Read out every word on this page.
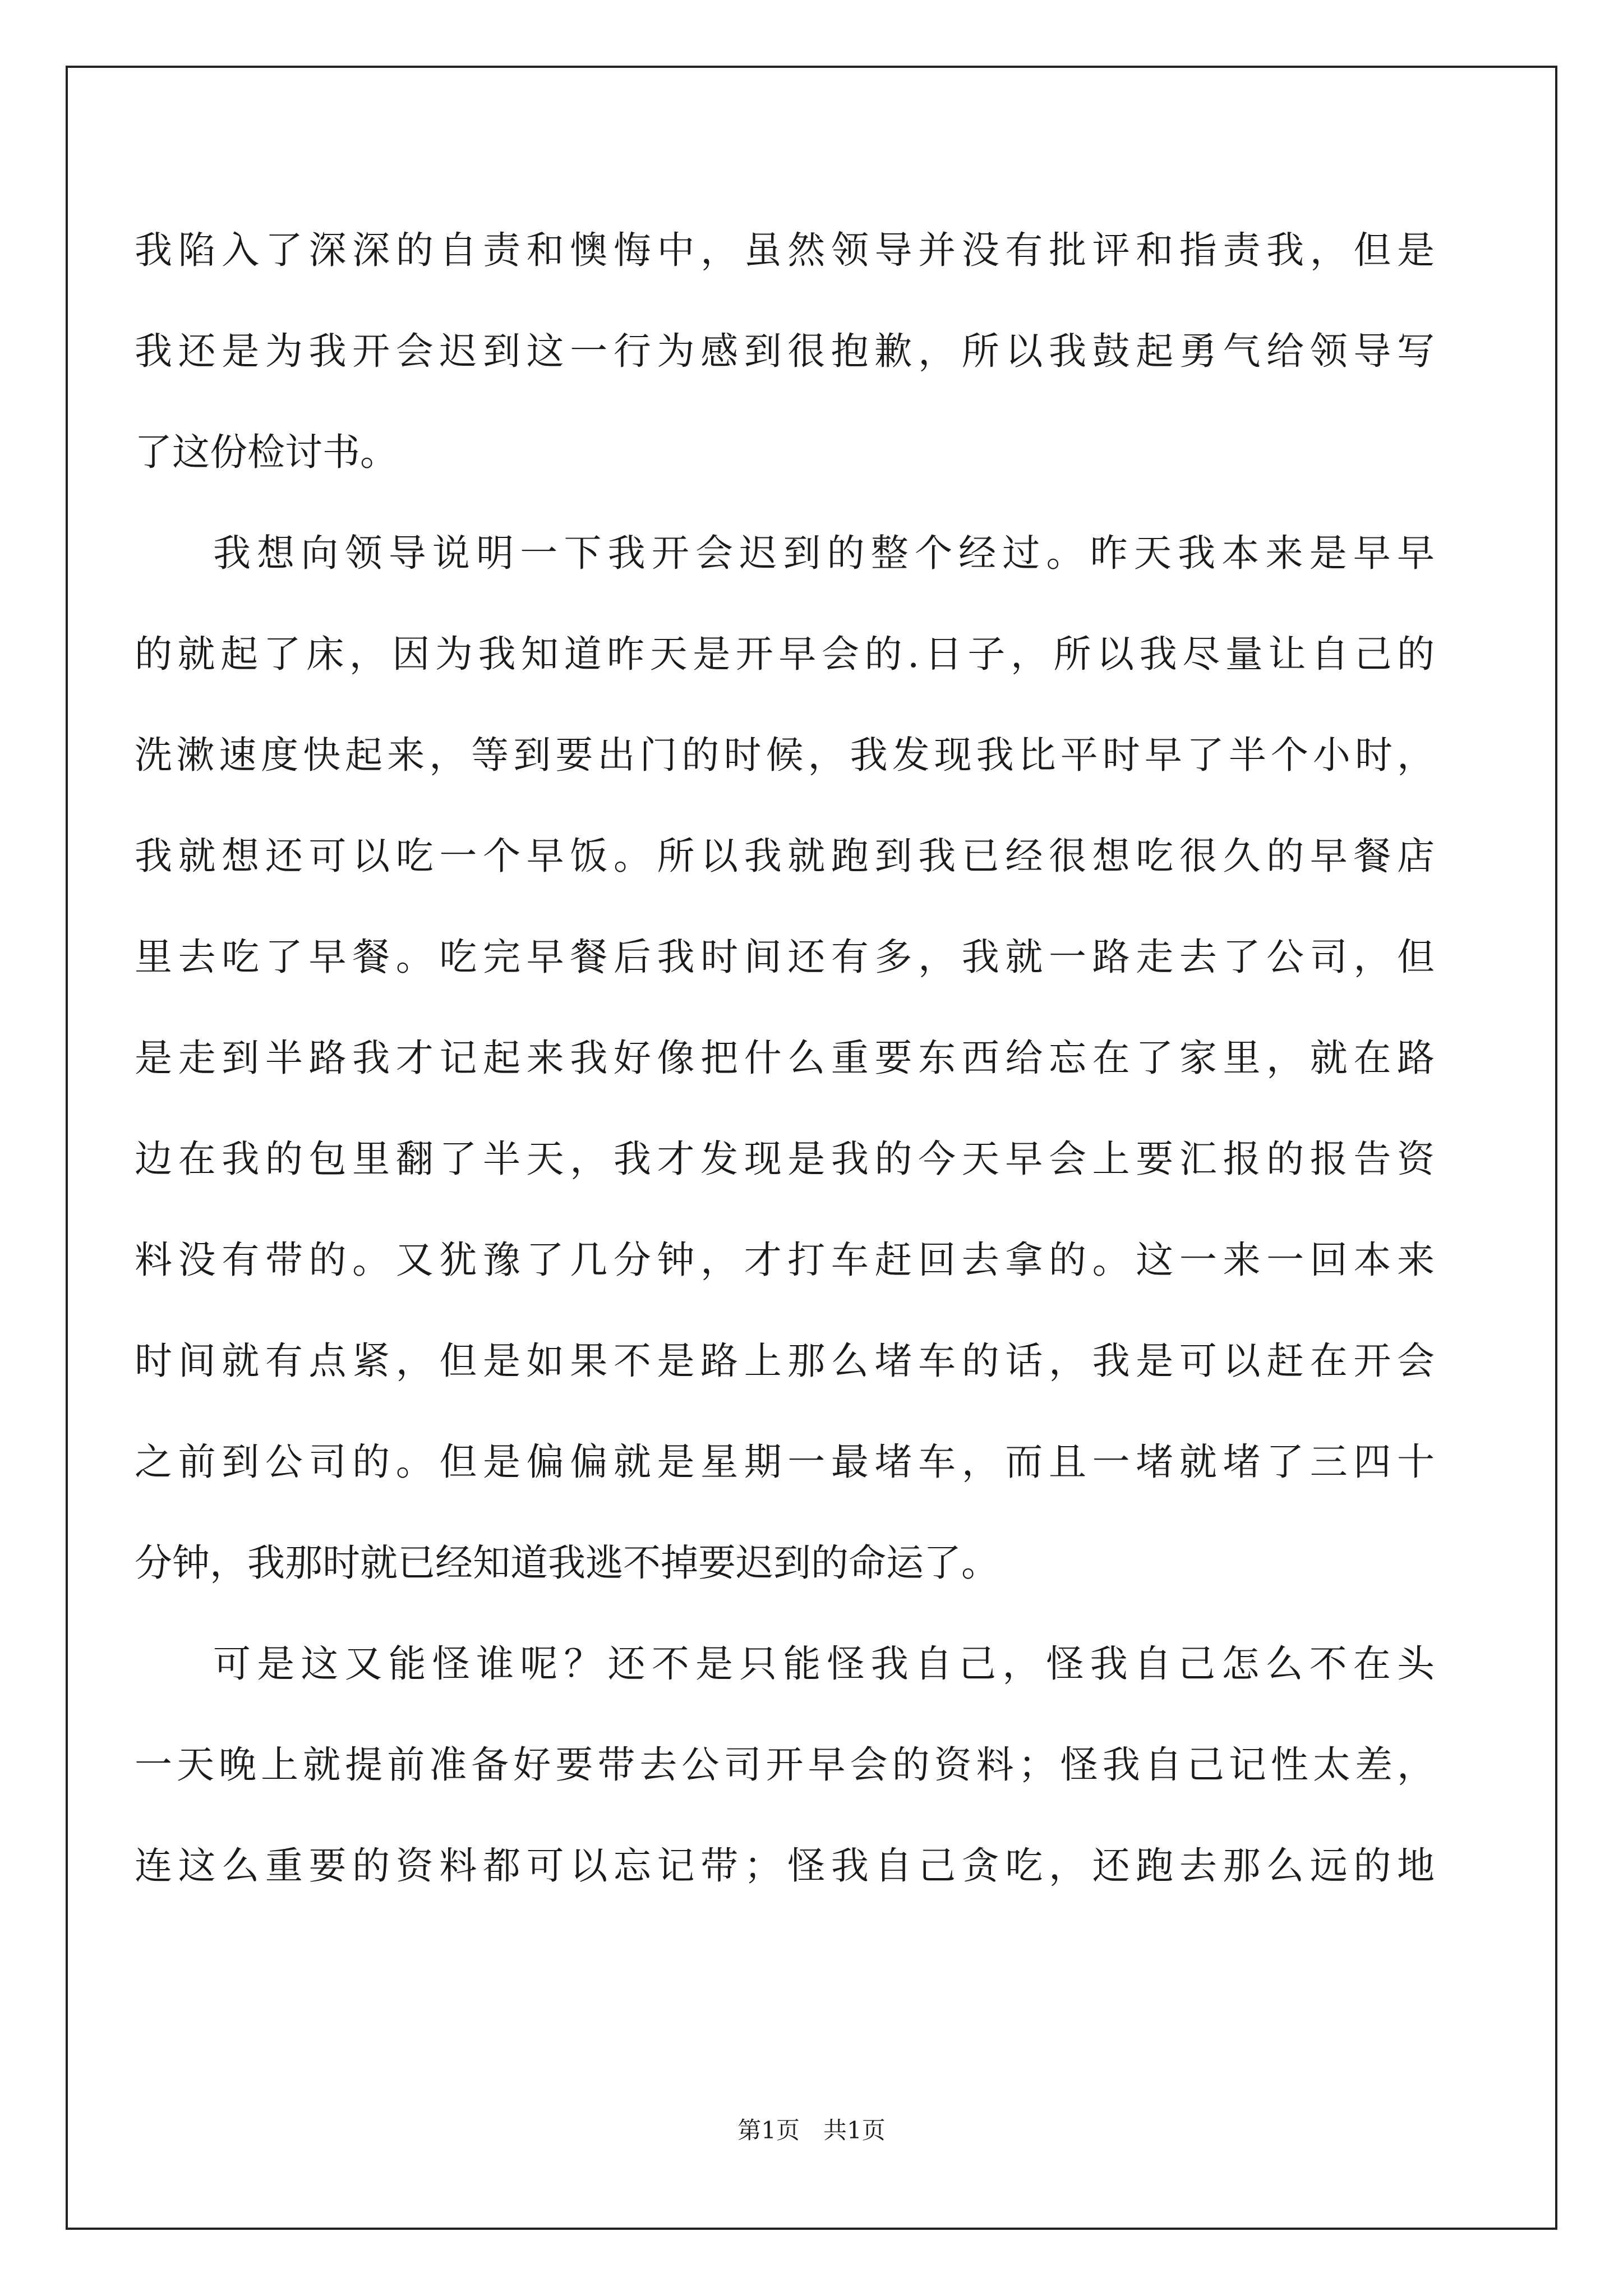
我陷入了深深的自责和懊悔中，虽然领导并没有批评和指责我，但是
我还是为我开会迟到这一行为感到很抱歉，所以我鼓起勇气给领导写
了这份检讨书。
我想向领导说明一下我开会迟到的整个经过。昨天我本来是早早
的就起了床，因为我知道昨天是开早会的.日子，所以我尽量让自己的
洗漱速度快起来，等到要出门的时候，我发现我比平时早了半个小时，
我就想还可以吃一个早饭。所以我就跑到我已经很想吃很久的早餐店
里去吃了早餐。吃完早餐后我时间还有多，我就一路走去了公司，但
是走到半路我才记起来我好像把什么重要东西给忘在了家里，就在路
边在我的包里翻了半天，我才发现是我的今天早会上要汇报的报告资
料没有带的。又犹豫了几分钟，才打车赶回去拿的。这一来一回本来
时间就有点紧，但是如果不是路上那么堵车的话，我是可以赶在开会
之前到公司的。但是偏偏就是星期一最堵车，而且一堵就堵了三四十
分钟，我那时就已经知道我逃不掉要迟到的命运了。
可是这又能怪谁呢？还不是只能怪我自己，怪我自己怎么不在头
一天晚上就提前准备好要带去公司开早会的资料；怪我自己记性太差，
连这么重要的资料都可以忘记带；怪我自己贪吃，还跑去那么远的地
第1页　共1页
